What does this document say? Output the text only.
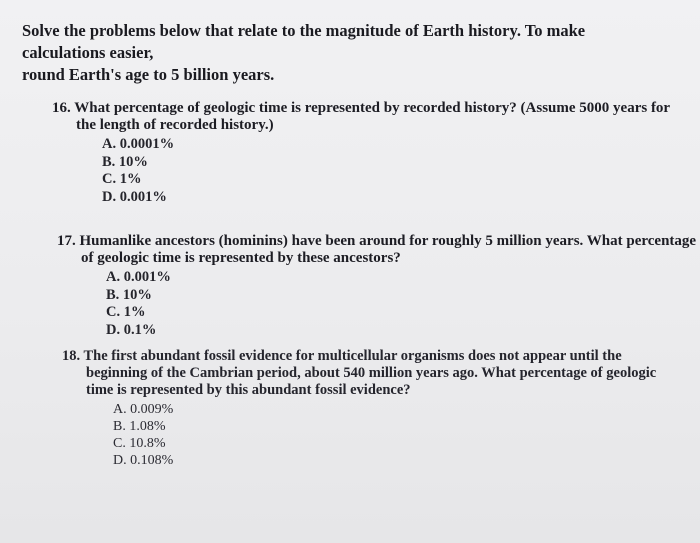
Solve the problems below that relate to the magnitude of Earth history. To make calculations easier,
round Earth's age to 5 billion years.

16. What percentage of geologic time is represented by recorded history? (Assume 5000 years for
the length of recorded history.)

A. 0.0001%
B. 10%
C. 1%
D. 0.001%

17. Humanlike ancestors (hominins) have been around for roughly 5 million years. What percentage
of geologic time is represented by these ancestors?

A. 0.001%
B. 10%
C. 1%
D. 0.1%

18. The first abundant fossil evidence for multicellular organisms does not appear until the
beginning of the Cambrian period, about 540 million years ago. What percentage of geologic
time is represented by this abundant fossil evidence?

A. 0.009%
B. 1.08%
C. 10.8%
D. 0.108%
